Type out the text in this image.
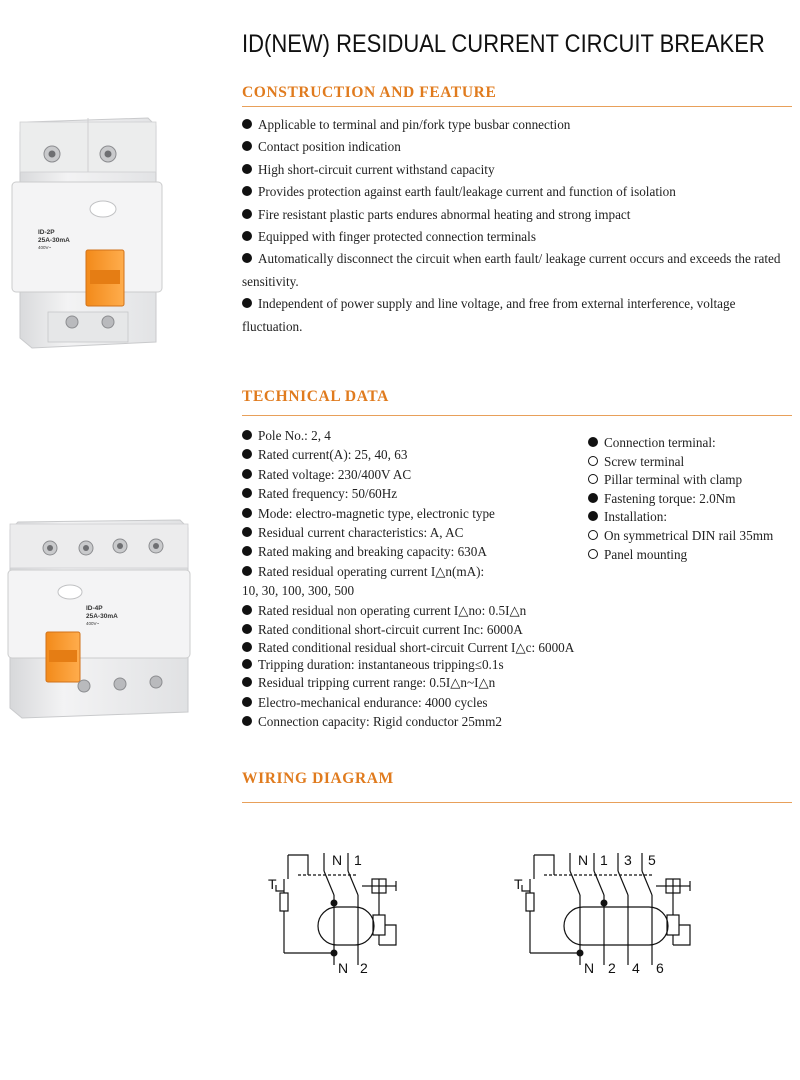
ID(NEW) RESIDUAL CURRENT CIRCUIT BREAKER
CONSTRUCTION AND FEATURE

Applicable to terminal and pin/fork type busbar connection

Contact position indication

High short-circuit current withstand capacity

Provides protection against earth fault/leakage current and function of isolation

Fire resistant plastic parts endures abnormal heating and strong impact

Equipped with finger protected connection terminals

Automatically disconnect the circuit when earth fault/ leakage current occurs and exceeds the rated sensitivity.

Independent of power supply and line voltage, and free from external interference, voltage fluctuation.

ID-2P
25A-30mA
400V~
TECHNICAL DATA

Pole No.: 2, 4

Rated current(A): 25, 40, 63

Rated voltage: 230/400V AC

Rated frequency: 50/60Hz

Mode: electro-magnetic type, electronic type

Residual current characteristics: A, AC

Rated making and breaking capacity: 630A

Rated residual operating current I△n(mA):

10, 30, 100, 300, 500

Rated residual non operating current I△no: 0.5I△n

Rated conditional short-circuit current Inc: 6000A

Rated conditional residual short-circuit Current I△c: 6000A

Tripping duration: instantaneous tripping≤0.1s

Residual tripping current range: 0.5I△n~I△n

Electro-mechanical endurance: 4000 cycles

Connection capacity: Rigid conductor 25mm2

Connection terminal:

Screw terminal

Pillar terminal with clamp

Fastening torque: 2.0Nm

Installation:

On symmetrical DIN rail 35mm

Panel mounting

ID-4P
25A-30mA
400V~
WIRING DIAGRAM
T
N 1
N 2
T
N 1 3 5
N 2 4 6
